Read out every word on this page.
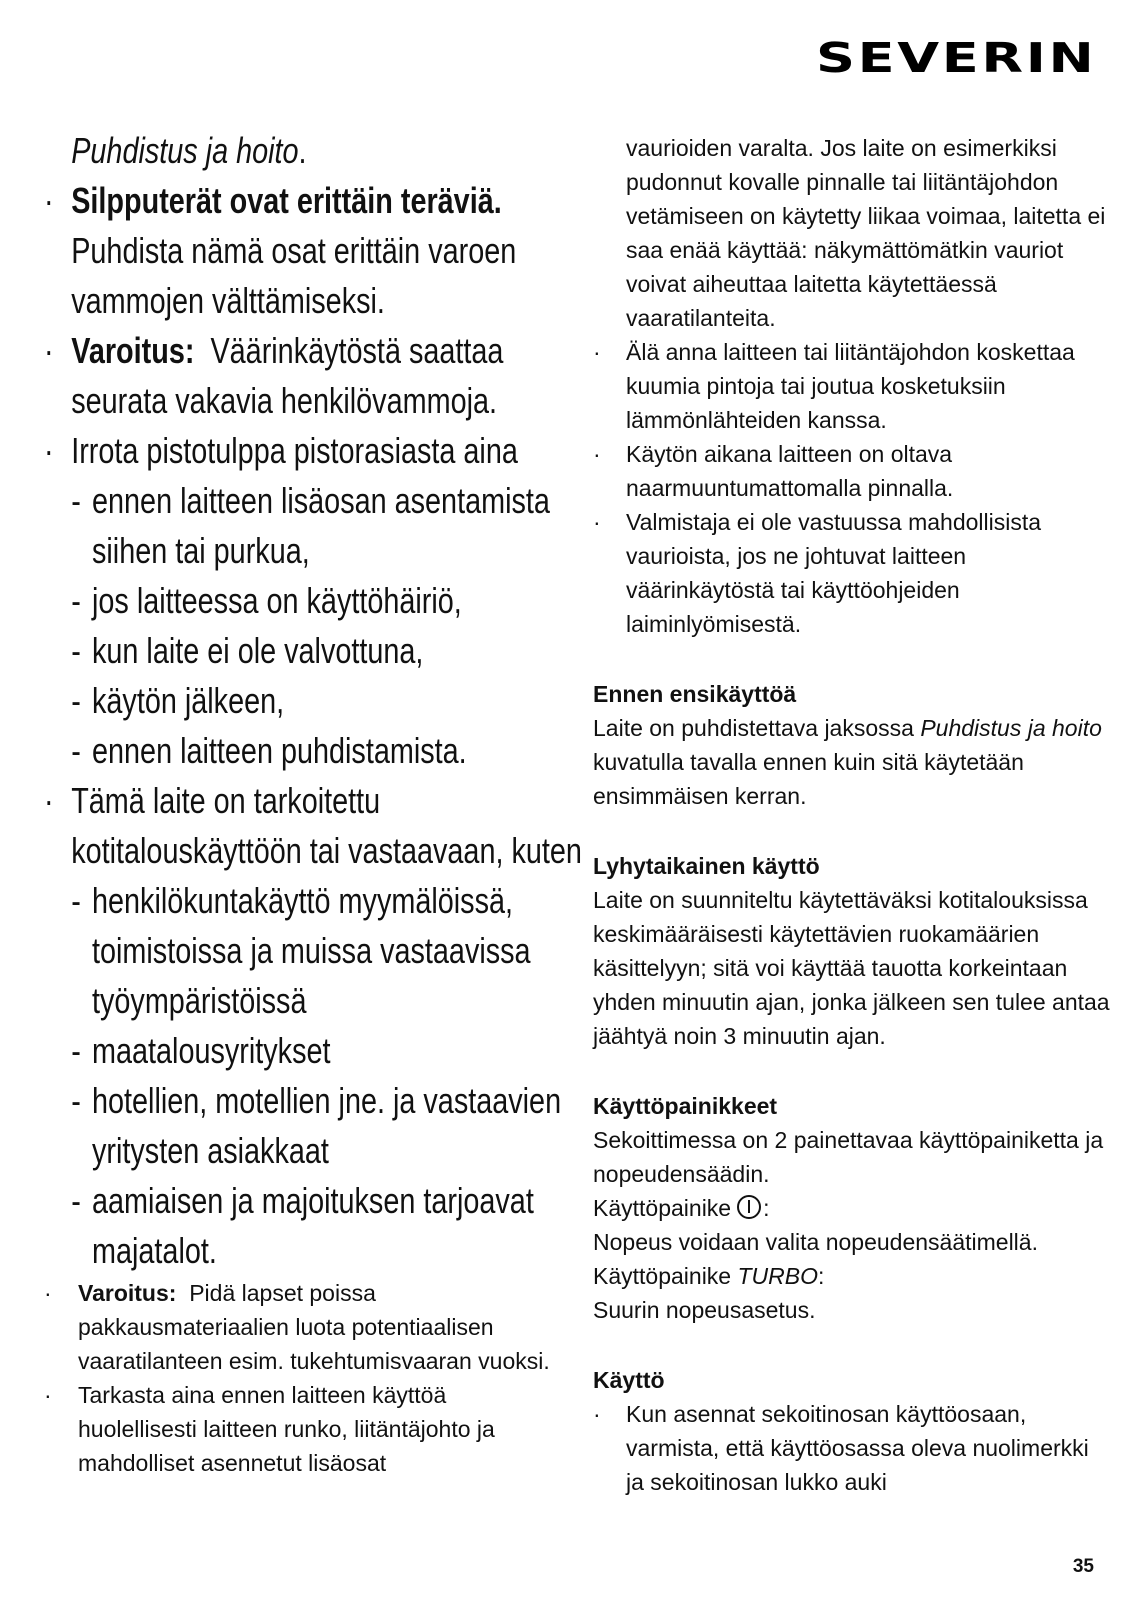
SEVERIN
Puhdistus ja hoito.
· Silpputerät ovat erittäin teräviä. Puhdista nämä osat erittäin varoen vammojen välttämiseksi.
· Varoitus: Väärinkäytöstä saattaa seurata vakavia henkilövammoja.
· Irrota pistotulppa pistorasiasta aina
- ennen laitteen lisäosan asentamista siihen tai purkua,
- jos laitteessa on käyttöhäiriö,
- kun laite ei ole valvottuna,
- käytön jälkeen,
- ennen laitteen puhdistamista.
· Tämä laite on tarkoitettu kotitalouskäyttöön tai vastaavaan, kuten
- henkilökuntakäyttö myymälöissä, toimistoissa ja muissa vastaavissa työympäristöissä
- maatalousyritykset
- hotellien, motellien jne. ja vastaavien yritysten asiakkaat
- aamiaisen ja majoituksen tarjoavat majatalot.
· Varoitus: Pidä lapset poissa pakkausmateriaalien luota potentiaalisen vaaratilanteen esim. tukehtumisvaaran vuoksi.
· Tarkasta aina ennen laitteen käyttöä huolellisesti laitteen runko, liitäntäjohto ja mahdolliset asennetut lisäosat
vaurioiden varalta. Jos laite on esimerkiksi pudonnut kovalle pinnalle tai liitäntäjohdon vetämiseen on käytetty liikaa voimaa, laitetta ei saa enää käyttää: näkymättömätkin vauriot voivat aiheuttaa laitetta käytettäessä vaaratilanteita.
· Älä anna laitteen tai liitäntäjohdon koskettaa kuumia pintoja tai joutua kosketuksiin lämmönlähteiden kanssa.
· Käytön aikana laitteen on oltava naarmuuntumattomalla pinnalla.
· Valmistaja ei ole vastuussa mahdollisista vaurioista, jos ne johtuvat laitteen väärinkäytöstä tai käyttöohjeiden laiminlyömisestä.
Ennen ensikäyttöä
Laite on puhdistettava jaksossa Puhdistus ja hoito kuvatulla tavalla ennen kuin sitä käytetään ensimmäisen kerran.
Lyhytaikainen käyttö
Laite on suunniteltu käytettäväksi kotitalouksissa keskimääräisesti käytettävien ruokamäärien käsittelyyn; sitä voi käyttää tauotta korkeintaan yhden minuutin ajan, jonka jälkeen sen tulee antaa jäähtyä noin 3 minuutin ajan.
Käyttöpainikkeet
Sekoittimessa on 2 painettavaa käyttöpainiketta ja nopeudensäädin.
Käyttöpainike :
Nopeus voidaan valita nopeudensäätimellä.
Käyttöpainike TURBO:
Suurin nopeusasetus.
Käyttö
· Kun asennat sekoitinosan käyttöosaan, varmista, että käyttöosassa oleva nuolimerkki ja sekoitinosan lukko auki
35
